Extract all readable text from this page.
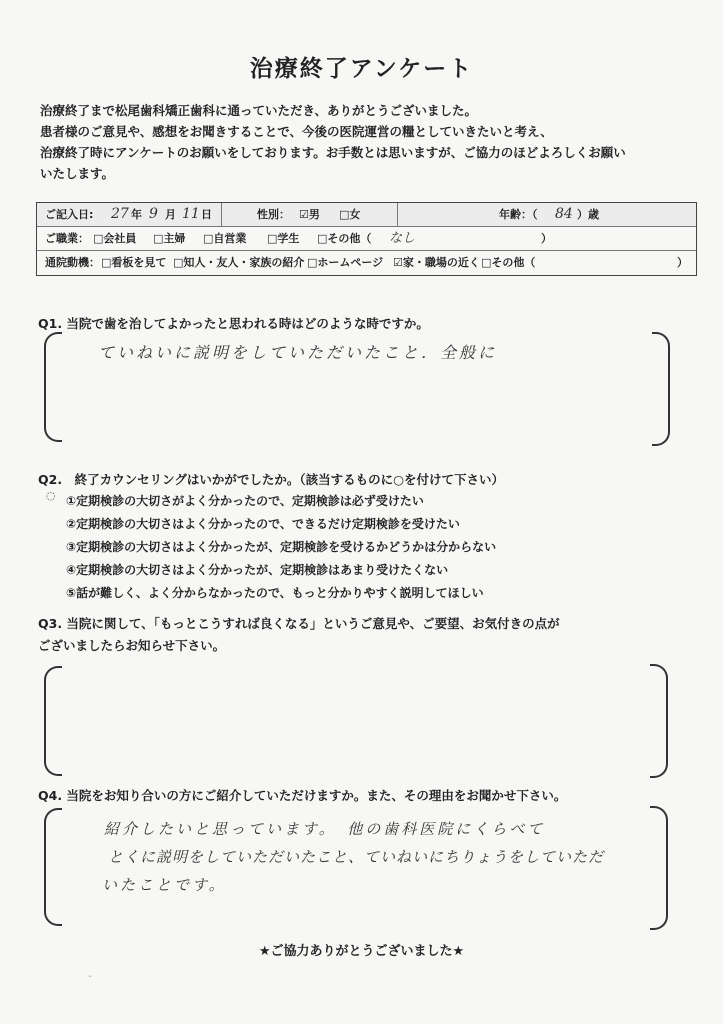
治療終了アンケート
治療終了まで松尾歯科矯正歯科に通っていただき、ありがとうございました。
患者様のご意見や、感想をお聞きすることで、今後の医院運営の糧としていきたいと考え、
治療終了時にアンケートのお願いをしております。お手数とは思いますが、ご協力のほどよろしくお願い
いたします。
ご記入日: 27 年 9 月 11 日	性別： ☑男 □女	年齢：（ 84 ）歳
ご職業： □会社員 □主婦 □自営業 □学生 □その他（ なし	）
通院動機： □看板を見て □知人・友人・家族の紹介 □ホームページ ☑家・職場の近く □その他（	）
Q1. 当院で歯を治してよかったと思われる時はどのような時ですか。
ていねいに説明をしていただいたこと．全般に
Q2.　終了カウンセリングはいかがでしたか。（該当するものに○を付けて下さい）
◌ ①定期検診の大切さがよく分かったので、定期検診は必ず受けたい
②定期検診の大切さはよく分かったので、できるだけ定期検診を受けたい
③定期検診の大切さはよく分かったが、定期検診を受けるかどうかは分からない
④定期検診の大切さはよく分かったが、定期検診はあまり受けたくない
⑤話が難しく、よく分からなかったので、もっと分かりやすく説明してほしい
Q3. 当院に関して、「もっとこうすれば良くなる」というご意見や、ご要望、お気付きの点が
ございましたらお知らせ下さい。
Q4. 当院をお知り合いの方にご紹介していただけますか。また、その理由をお聞かせ下さい。
紹介したいと思っています。　他の歯科医院にくらべて
とくに説明をしていただいたこと、ていねいにちりょうをしていただ
いたことです。
★ご協力ありがとうございました★
¨
